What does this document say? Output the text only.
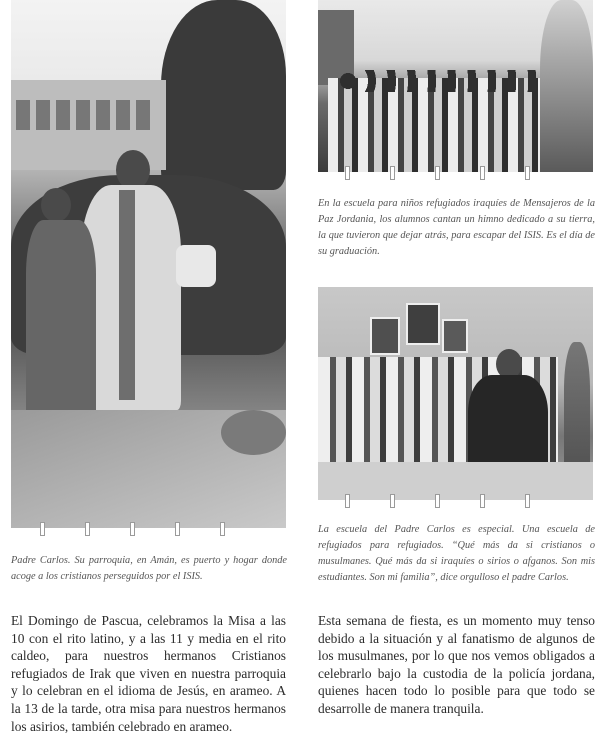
En la escuela para niños refugiados iraquíes de Mensajeros de la Paz Jordania, los alumnos cantan un himno dedicado a su tierra, la que tuvieron que dejar atrás, para escapar del ISIS. Es el día de su graduación.
Padre Carlos. Su parroquia, en Amán, es puerto y hogar donde acoge a los cristianos perseguidos por el ISIS.
La escuela del Padre Carlos es especial. Una escuela de refugiados para refugiados. “Qué más da si cristianos o musulmanes. Qué más da si iraquíes o sirios o afganos. Son mis estudiantes. Son mi familia”, dice orgulloso el padre Carlos.
El Domingo de Pascua, celebramos la Misa a las 10 con el rito latino, y a las 11 y media en el rito caldeo, para nuestros hermanos Cristianos refugiados de Irak que viven en nuestra parroquia y lo celebran en el idioma de Jesús, en arameo. A la 13 de la tarde, otra misa para nuestros hermanos los asirios, también celebrado en arameo.
Esta semana de fiesta, es un momento muy tenso debido a la situación y al fanatismo de algunos de los musulmanes, por lo que nos vemos obligados a celebrarlo bajo la custodia de la policía jordana, quienes hacen todo lo posible para que todo se desarrolle de manera tranquila.
